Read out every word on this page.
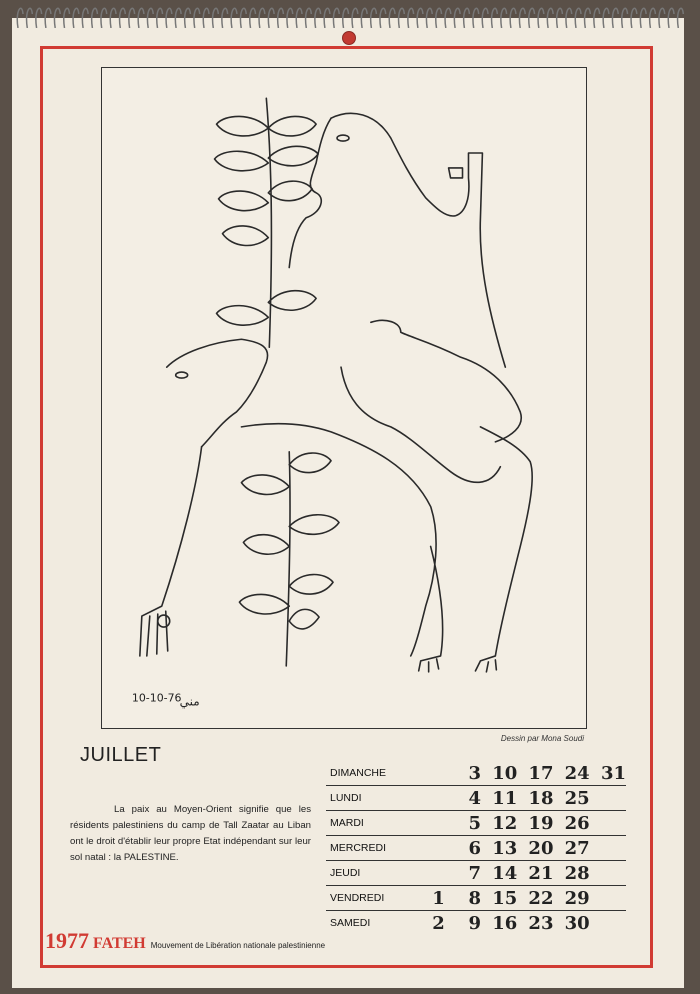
10-10-76
مني
Dessin par Mona Soudi
JUILLET
La paix au Moyen-Orient signifie que les résidents palestiniens du camp de Tall Zaatar au Liban ont le droit d'établir leur propre Etat indépendant sur leur sol natal : la PALESTINE.
DIMANCHE		3	10	17	24	31
LUNDI		4	11	18	25	
MARDI		5	12	19	26	
MERCREDI		6	13	20	27	
JEUDI		7	14	21	28	
VENDREDI	1	8	15	22	29	
SAMEDI	2	9	16	23	30	
1977 FATEH Mouvement de Libération nationale palestinienne
